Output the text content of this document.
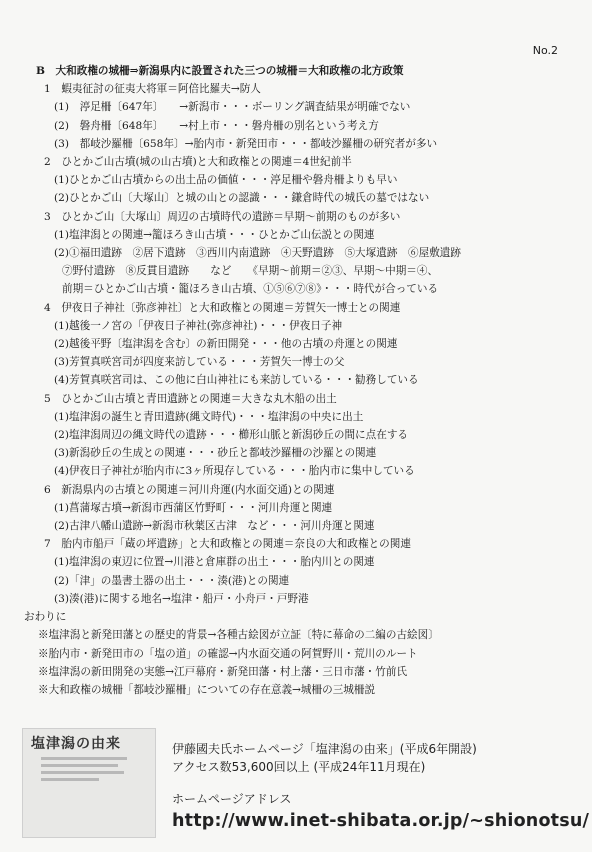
No.2
B　大和政権の城柵⇒新潟県内に設置された三つの城柵＝大和政権の北方政策
1　蝦夷征討の征夷大将軍＝阿倍比羅夫→防人
(1)　渟足柵〔647年〕　　→新潟市・・・ボーリング調査結果が明確でない
(2)　磐舟柵〔648年〕　　→村上市・・・磐舟柵の別名という考え方
(3)　都岐沙羅柵〔658年〕→胎内市・新発田市・・・都岐沙羅柵の研究者が多い
2　ひとかご山古墳(城の山古墳)と大和政権との関連＝4世紀前半
(1)ひとかご山古墳からの出土品の価値・・・渟足柵や磐舟柵よりも早い
(2)ひとかご山〔大塚山〕と城の山との認識・・・鎌倉時代の城氏の墓ではない
3　ひとかご山〔大塚山〕周辺の古墳時代の遺跡＝早期～前期のものが多い
(1)塩津潟との関連→籠ほろき山古墳・・・ひとかご山伝説との関連
(2)①福田遺跡　②居下遺跡　③西川内南遺跡　④天野遺跡　⑤大塚遺跡　⑥屋敷遺跡
⑦野付遺跡　⑧反貫目遺跡　　など　　《早期～前期＝②③、早期～中期＝④、
前期＝ひとかご山古墳・籠ほろき山古墳、①⑤⑥⑦⑧》・・・時代が合っている
4　伊夜日子神社〔弥彦神社〕と大和政権との関連＝芳賀矢一博士との関連
(1)越後一ノ宮の「伊夜日子神社(弥彦神社)・・・伊夜日子神
(2)越後平野〔塩津潟を含む〕の新田開発・・・他の古墳の舟運との関連
(3)芳賀真咲宮司が四度来訪している・・・芳賀矢一博士の父
(4)芳賀真咲宮司は、この他に白山神社にも来訪している・・・勧務している
5　ひとかご山古墳と青田遺跡との関連＝大きな丸木船の出土
(1)塩津潟の誕生と青田遺跡(縄文時代)・・・塩津潟の中央に出土
(2)塩津潟周辺の縄文時代の遺跡・・・櫛形山脈と新潟砂丘の間に点在する
(3)新潟砂丘の生成との関連・・・砂丘と都岐沙羅柵の沙羅との関連
(4)伊夜日子神社が胎内市に3ヶ所現存している・・・胎内市に集中している
6　新潟県内の古墳との関連＝河川舟運(内水面交通)との関連
(1)菖蒲塚古墳→新潟市西蒲区竹野町・・・河川舟運と関連
(2)古津八幡山遺跡→新潟市秋葉区古津　など・・・河川舟運と関連
7　胎内市船戸「蔵の坪遺跡」と大和政権との関連＝奈良の大和政権との関連
(1)塩津潟の東辺に位置→川港と倉庫群の出土・・・胎内川との関連
(2)「津」の墨書土器の出土・・・湊(港)との関連
(3)湊(港)に関する地名→塩津・船戸・小舟戸・戸野港
おわりに
※塩津潟と新発田藩との歴史的背景→各種古絵図が立証〔特に幕命の二編の古絵図〕
※胎内市・新発田市の「塩の道」の確認→内水面交通の阿賀野川・荒川のルート
※塩津潟の新田開発の実態→江戸幕府・新発田藩・村上藩・三日市藩・竹前氏
※大和政権の城柵「都岐沙羅柵」についての存在意義→城柵の三城柵説
塩津潟の由来	伊藤國夫氏ホームページ「塩津潟の由来」(平成6年開設)
アクセス数53,600回以上 (平成24年11月現在)
ホームページアドレス
http://www.inet-shibata.or.jp/~shionotsu/
